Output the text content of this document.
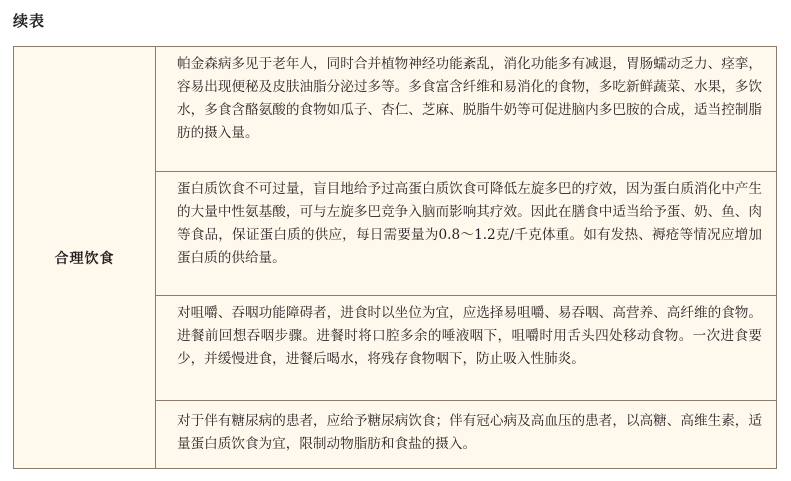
续表
合理饮食
帕金森病多见于老年人，同时合并植物神经功能紊乱，消化功能多有减退，胃肠蠕动乏力、痉挛，容易出现便秘及皮肤油脂分泌过多等。多食富含纤维和易消化的食物，多吃新鲜蔬菜、水果，多饮水，多食含酪氨酸的食物如瓜子、杏仁、芝麻、脱脂牛奶等可促进脑内多巴胺的合成，适当控制脂肪的摄入量。
蛋白质饮食不可过量，盲目地给予过高蛋白质饮食可降低左旋多巴的疗效，因为蛋白质消化中产生的大量中性氨基酸，可与左旋多巴竞争入脑而影响其疗效。因此在膳食中适当给予蛋、奶、鱼、肉等食品，保证蛋白质的供应，每日需要量为0.8～1.2克/千克体重。如有发热、褥疮等情况应增加蛋白质的供给量。
对咀嚼、吞咽功能障碍者，进食时以坐位为宜，应选择易咀嚼、易吞咽、高营养、高纤维的食物。进餐前回想吞咽步骤。进餐时将口腔多余的唾液咽下，咀嚼时用舌头四处移动食物。一次进食要少，并缓慢进食，进餐后喝水，将残存食物咽下，防止吸入性肺炎。
对于伴有糖尿病的患者，应给予糖尿病饮食；伴有冠心病及高血压的患者，以高糖、高维生素，适量蛋白质饮食为宜，限制动物脂肪和食盐的摄入。
